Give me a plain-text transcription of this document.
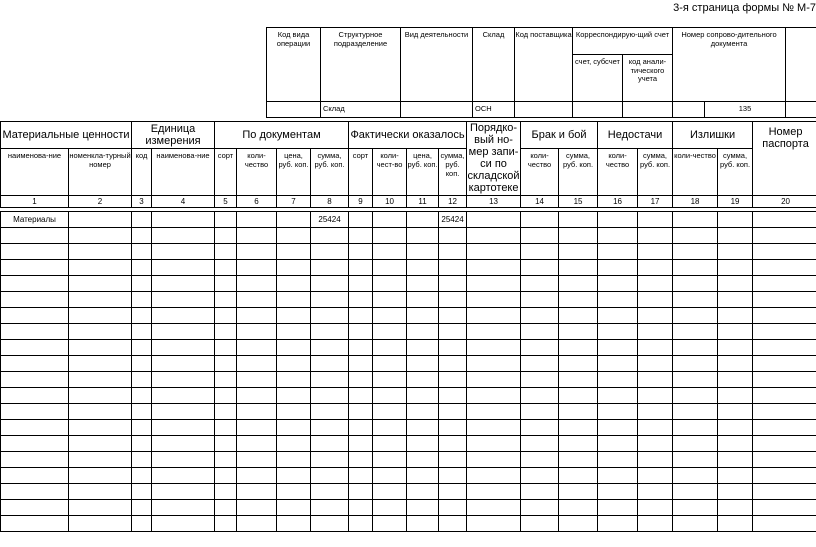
3-я страница формы № М-7
Код вида операции	Структурное подразделение	Вид деятельности	Склад	Код поставщика	Корреспондирую-щий счет		Номер сопрово-дительного документа		
					счет, субсчет	код анали-тического учета			
	Склад		ОСН					135	
Материальные ценности		Единица измерения		По документам				Фактически оказалось				Порядко-вый но-мер запи-си по складской картотеке	Брак и бой		Недостачи		Излишки		Номер паспорта
наименова-ние	номенкла-турный номер	код	наименова-ние	сорт	коли-чество	цена, руб. коп.	сумма, руб. коп.	сорт	коли-чест-во	цена, руб. коп.	сумма, руб. коп.		коли-чество	сумма, руб. коп.	коли-чество	сумма, руб. коп.	коли-чество	сумма, руб. коп.	
1	2	3	4	5	6	7	8	9	10	11	12	13	14	15	16	17	18	19	20

Материалы							25424				25424								
